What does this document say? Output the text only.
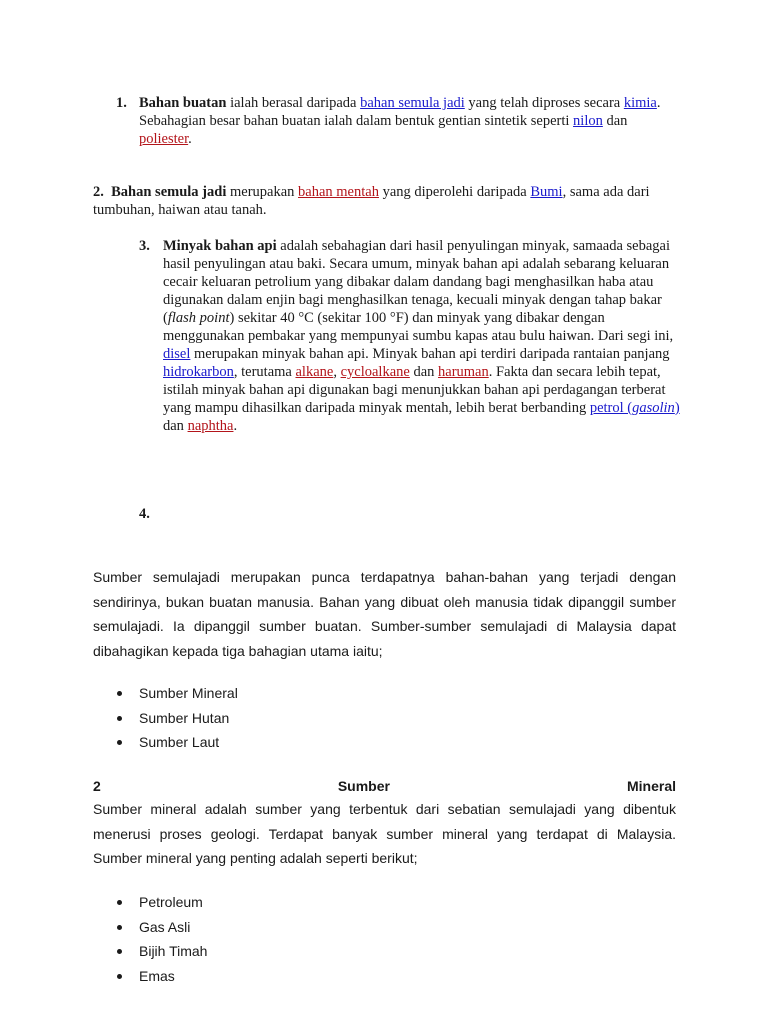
1. Bahan buatan ialah berasal daripada bahan semula jadi yang telah diproses secara kimia. Sebahagian besar bahan buatan ialah dalam bentuk gentian sintetik seperti nilon dan poliester.
2. Bahan semula jadi merupakan bahan mentah yang diperolehi daripada Bumi, sama ada dari tumbuhan, haiwan atau tanah.
3. Minyak bahan api adalah sebahagian dari hasil penyulingan minyak, samaada sebagai hasil penyulingan atau baki. Secara umum, minyak bahan api adalah sebarang keluaran cecair keluaran petrolium yang dibakar dalam dandang bagi menghasilkan haba atau digunakan dalam enjin bagi menghasilkan tenaga, kecuali minyak dengan tahap bakar (flash point) sekitar 40 °C (sekitar 100 °F) dan minyak yang dibakar dengan menggunakan pembakar yang mempunyai sumbu kapas atau bulu haiwan. Dari segi ini, disel merupakan minyak bahan api. Minyak bahan api terdiri daripada rantaian panjang hidrokarbon, terutama alkane, cycloalkane dan haruman. Fakta dan secara lebih tepat, istilah minyak bahan api digunakan bagi menunjukkan bahan api perdagangan terberat yang mampu dihasilkan daripada minyak mentah, lebih berat berbanding petrol (gasolin) dan naphtha.
4.
Sumber semulajadi merupakan punca terdapatnya bahan-bahan yang terjadi dengan sendirinya, bukan buatan manusia. Bahan yang dibuat oleh manusia tidak dipanggil sumber semulajadi. Ia dipanggil sumber buatan. Sumber-sumber semulajadi di Malaysia dapat dibahagikan kepada tiga bahagian utama iaitu;
Sumber Mineral
Sumber Hutan
Sumber Laut
2	Sumber	Mineral
Sumber mineral adalah sumber yang terbentuk dari sebatian semulajadi yang dibentuk menerusi proses geologi. Terdapat banyak sumber mineral yang terdapat di Malaysia. Sumber mineral yang penting adalah seperti berikut;
Petroleum
Gas Asli
Bijih Timah
Emas
